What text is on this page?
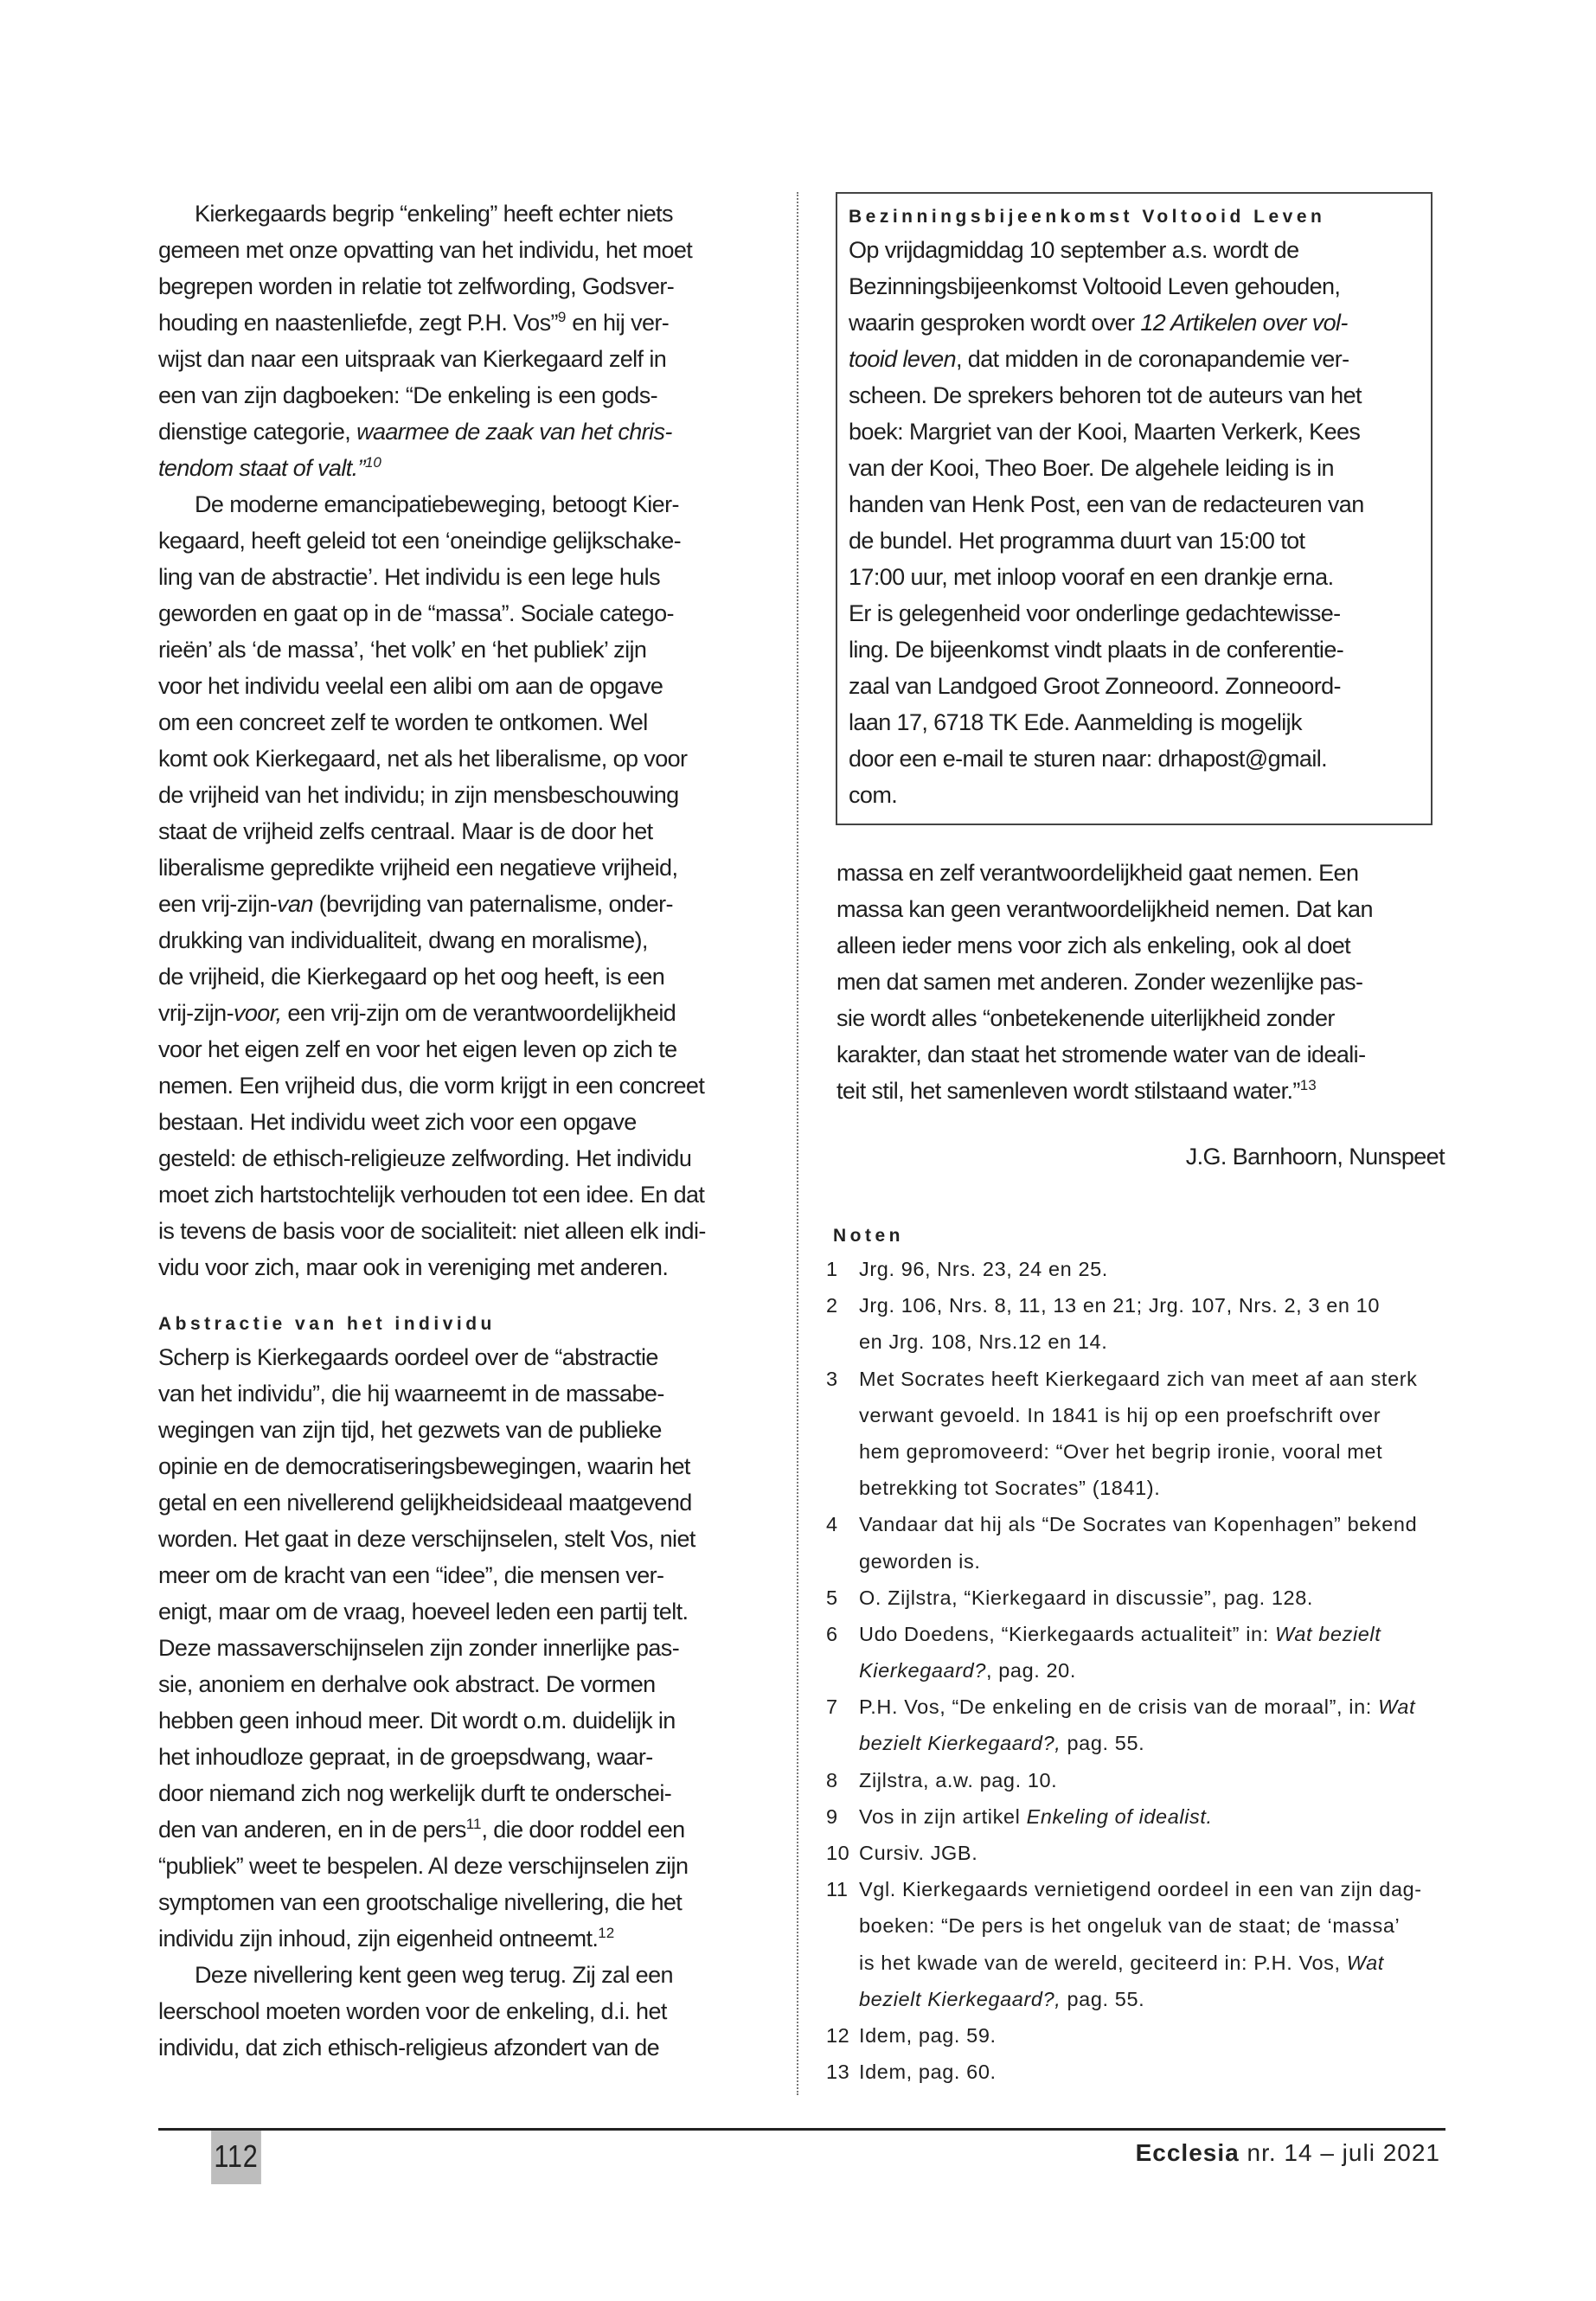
Kierkegaards begrip “enkeling” heeft echter niets
gemeen met onze opvatting van het individu, het moet
begrepen worden in relatie tot zelfwording, Godsver-
houding en naastenliefde, zegt P.H. Vos”$^9$ en hij ver-
wijst dan naar een uitspraak van Kierkegaard zelf in
een van zijn dagboeken: “De enkeling is een gods-
dienstige categorie, waarmee de zaak van het chris-
tendom staat of valt.”$^{10}$
De moderne emancipatiebeweging, betoogt Kier-
kegaard, heeft geleid tot een ‘oneindige gelijkschake-
ling van de abstractie’. Het individu is een lege huls
geworden en gaat op in de “massa”. Sociale catego-
rieën’ als ‘de massa’, ‘het volk’ en ‘het publiek’ zijn
voor het individu veelal een alibi om aan de opgave
om een concreet zelf te worden te ontkomen. Wel
komt ook Kierkegaard, net als het liberalisme, op voor
de vrijheid van het individu; in zijn mensbeschouwing
staat de vrijheid zelfs centraal. Maar is de door het
liberalisme gepredikte vrijheid een negatieve vrijheid,
een vrij-zijn-van (bevrijding van paternalisme, onder-
drukking van individualiteit, dwang en moralisme),
de vrijheid, die Kierkegaard op het oog heeft, is een
vrij-zijn-voor, een vrij-zijn om de verantwoordelijkheid
voor het eigen zelf en voor het eigen leven op zich te
nemen. Een vrijheid dus, die vorm krijgt in een concreet
bestaan. Het individu weet zich voor een opgave
gesteld: de ethisch-religieuze zelfwording. Het individu
moet zich hartstochtelijk verhouden tot een idee. En dat
is tevens de basis voor de socialiteit: niet alleen elk indi-
vidu voor zich, maar ook in vereniging met anderen.
Abstractie van het individu
Scherp is Kierkegaards oordeel over de “abstractie
van het individu”, die hij waarneemt in de massabe-
wegingen van zijn tijd, het gezwets van de publieke
opinie en de democratiseringsbewegingen, waarin het
getal en een nivellerend gelijkheidsideaal maatgevend
worden. Het gaat in deze verschijnselen, stelt Vos, niet
meer om de kracht van een “idee”, die mensen ver-
enigt, maar om de vraag, hoeveel leden een partij telt.
Deze massaverschijnselen zijn zonder innerlijke pas-
sie, anoniem en derhalve ook abstract. De vormen
hebben geen inhoud meer. Dit wordt o.m. duidelijk in
het inhoudloze gepraat, in de groepsdwang, waar-
door niemand zich nog werkelijk durft te onderschei-
den van anderen, en in de pers$^{11}$, die door roddel een
“publiek” weet te bespelen. Al deze verschijnselen zijn
symptomen van een grootschalige nivellering, die het
individu zijn inhoud, zijn eigenheid ontneemt.$^{12}$
Deze nivellering kent geen weg terug. Zij zal een
leerschool moeten worden voor de enkeling, d.i. het
individu, dat zich ethisch-religieus afzondert van de
Bezinningsbijeenkomst Voltooid Leven
Op vrijdagmiddag 10 september a.s. wordt de
Bezinningsbijeenkomst Voltooid Leven gehouden,
waarin gesproken wordt over 12 Artikelen over vol-
tooid leven, dat midden in de coronapandemie ver-
scheen. De sprekers behoren tot de auteurs van het
boek: Margriet van der Kooi, Maarten Verkerk, Kees
van der Kooi, Theo Boer. De algehele leiding is in
handen van Henk Post, een van de redacteuren van
de bundel. Het programma duurt van 15:00 tot
17:00 uur, met inloop vooraf en een drankje erna.
Er is gelegenheid voor onderlinge gedachtewisse-
ling. De bijeenkomst vindt plaats in de conferentie-
zaal van Landgoed Groot Zonneoord. Zonneoord-
laan 17, 6718 TK Ede. Aanmelding is mogelijk
door een e-mail te sturen naar: drhapost@gmail.
com.
massa en zelf verantwoordelijkheid gaat nemen. Een
massa kan geen verantwoordelijkheid nemen. Dat kan
alleen ieder mens voor zich als enkeling, ook al doet
men dat samen met anderen. Zonder wezenlijke pas-
sie wordt alles “onbetekenende uiterlijkheid zonder
karakter, dan staat het stromende water van de ideali-
teit stil, het samenleven wordt stilstaand water.”$^{13}$
J.G. Barnhoorn, Nunspeet
Noten
1 Jrg. 96, Nrs. 23, 24 en 25.
2 Jrg. 106, Nrs. 8, 11, 13 en 21; Jrg. 107, Nrs. 2, 3 en 10
en Jrg. 108, Nrs.12 en 14.
3 Met Socrates heeft Kierkegaard zich van meet af aan sterk
verwant gevoeld. In 1841 is hij op een proefschrift over
hem gepromoveerd: “Over het begrip ironie, vooral met
betrekking tot Socrates” (1841).
4 Vandaar dat hij als “De Socrates van Kopenhagen” bekend
geworden is.
5 O. Zijlstra, “Kierkegaard in discussie”, pag. 128.
6 Udo Doedens, “Kierkegaards actualiteit” in: Wat bezielt
Kierkegaard?, pag. 20.
7 P.H. Vos, “De enkeling en de crisis van de moraal”, in: Wat
bezielt Kierkegaard?, pag. 55.
8 Zijlstra, a.w. pag. 10.
9 Vos in zijn artikel Enkeling of idealist.
10 Cursiv. JGB.
11 Vgl. Kierkegaards vernietigend oordeel in een van zijn dag-
boeken: “De pers is het ongeluk van de staat; de ‘massa’
is het kwade van de wereld, geciteerd in: P.H. Vos, Wat
bezielt Kierkegaard?, pag. 55.
12 Idem, pag. 59.
13 Idem, pag. 60.
112	Ecclesia nr. 14 – juli 2021
